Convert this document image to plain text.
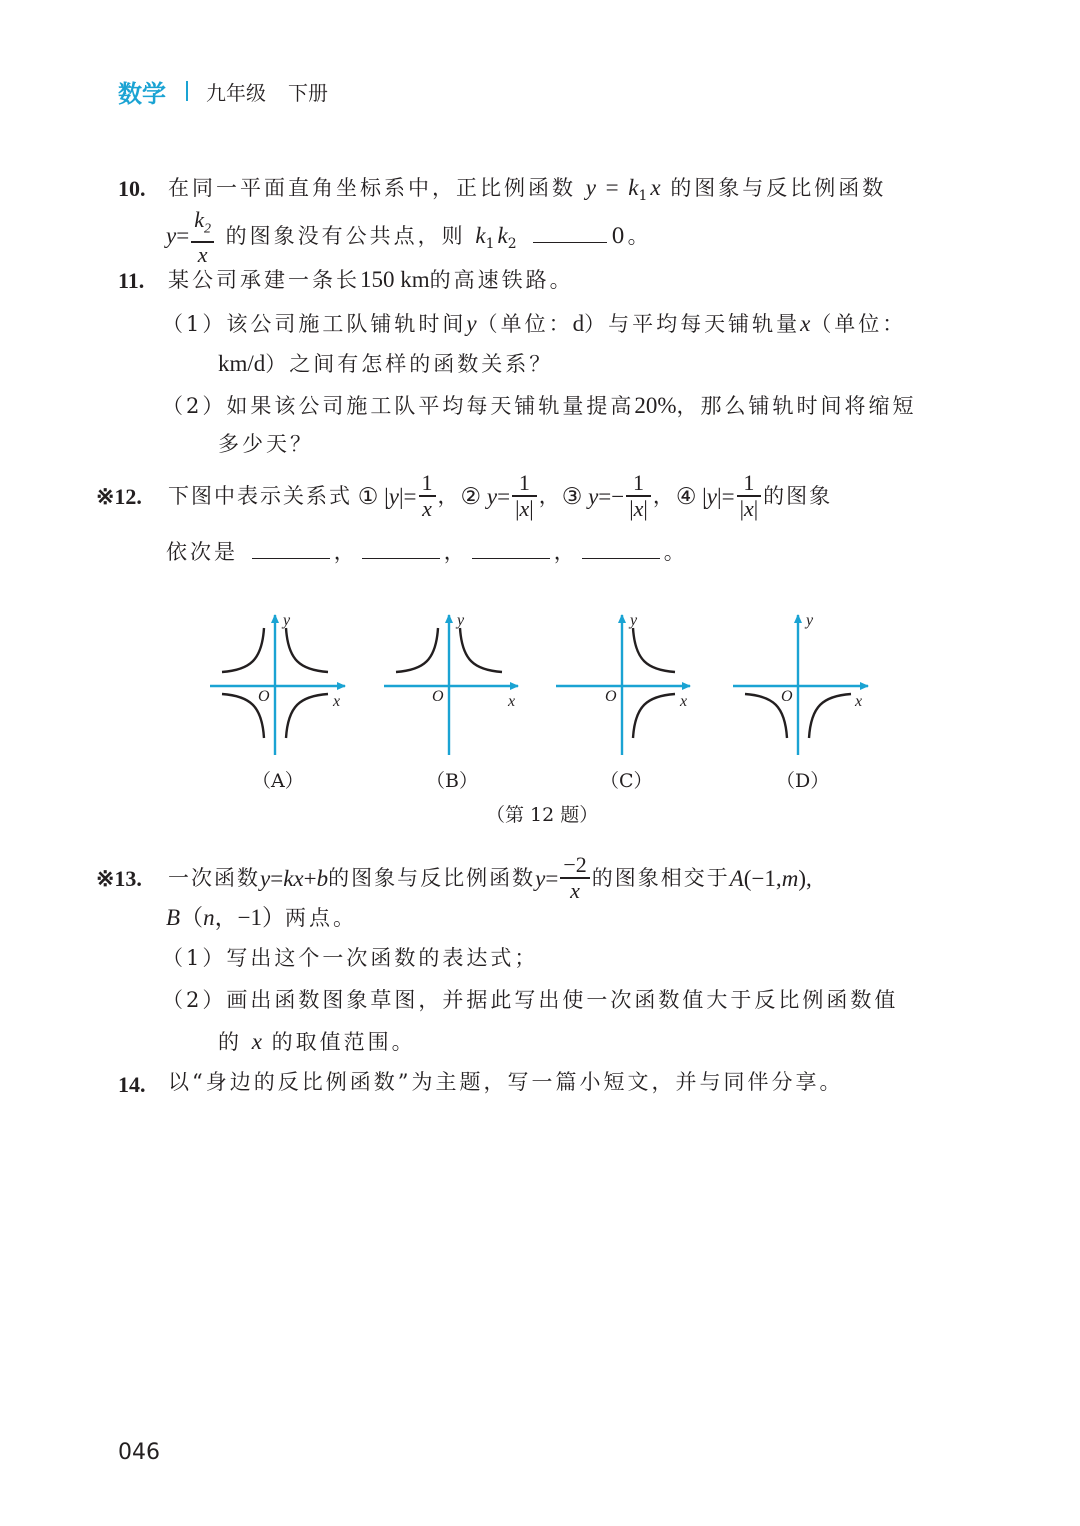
数学 九年级 下册
10. 在同一平面直角坐标系中，正比例函数 $y = k_1x$ 的图象与反比例函数
$y= \frac{k_2}{x}$ 的图象没有公共点，则 $k_1k_2$	0。
11. 某公司承建一条长150 km的高速铁路。
（1）该公司施工队铺轨时间y（单位：d）与平均每天铺轨量x（单位：
km/d）之间有怎样的函数关系？
（2）如果该公司施工队平均每天铺轨量提高20%，那么铺轨时间将缩短
多少天？
※12. 下图中表示关系式 ① | y |= $\frac{1}{x}$ ， ② $y = \frac{1}{|x|}$ ， ③ $y =- \frac{1}{|x|}$ ， ④ | y |= $\frac{1}{|x|}$ 的图象
依次是	，	，	，	。
y
O	x
y
O	x
y
O	x
y
O	x
（A）	（B）	（C）	（D）
（第 12 题）
※13. 一次函数 y = kx + b 的图象与反比例函数 $y = \frac{-2}{x}$ 的图象相交于 A (−1, m ),
B（n，−1）两点。
（1）写出这个一次函数的表达式；
（2）画出函数图象草图，并据此写出使一次函数值大于反比例函数值
的 x 的取值范围。
14. 以“身边的反比例函数”为主题，写一篇小短文，并与同伴分享。
046
